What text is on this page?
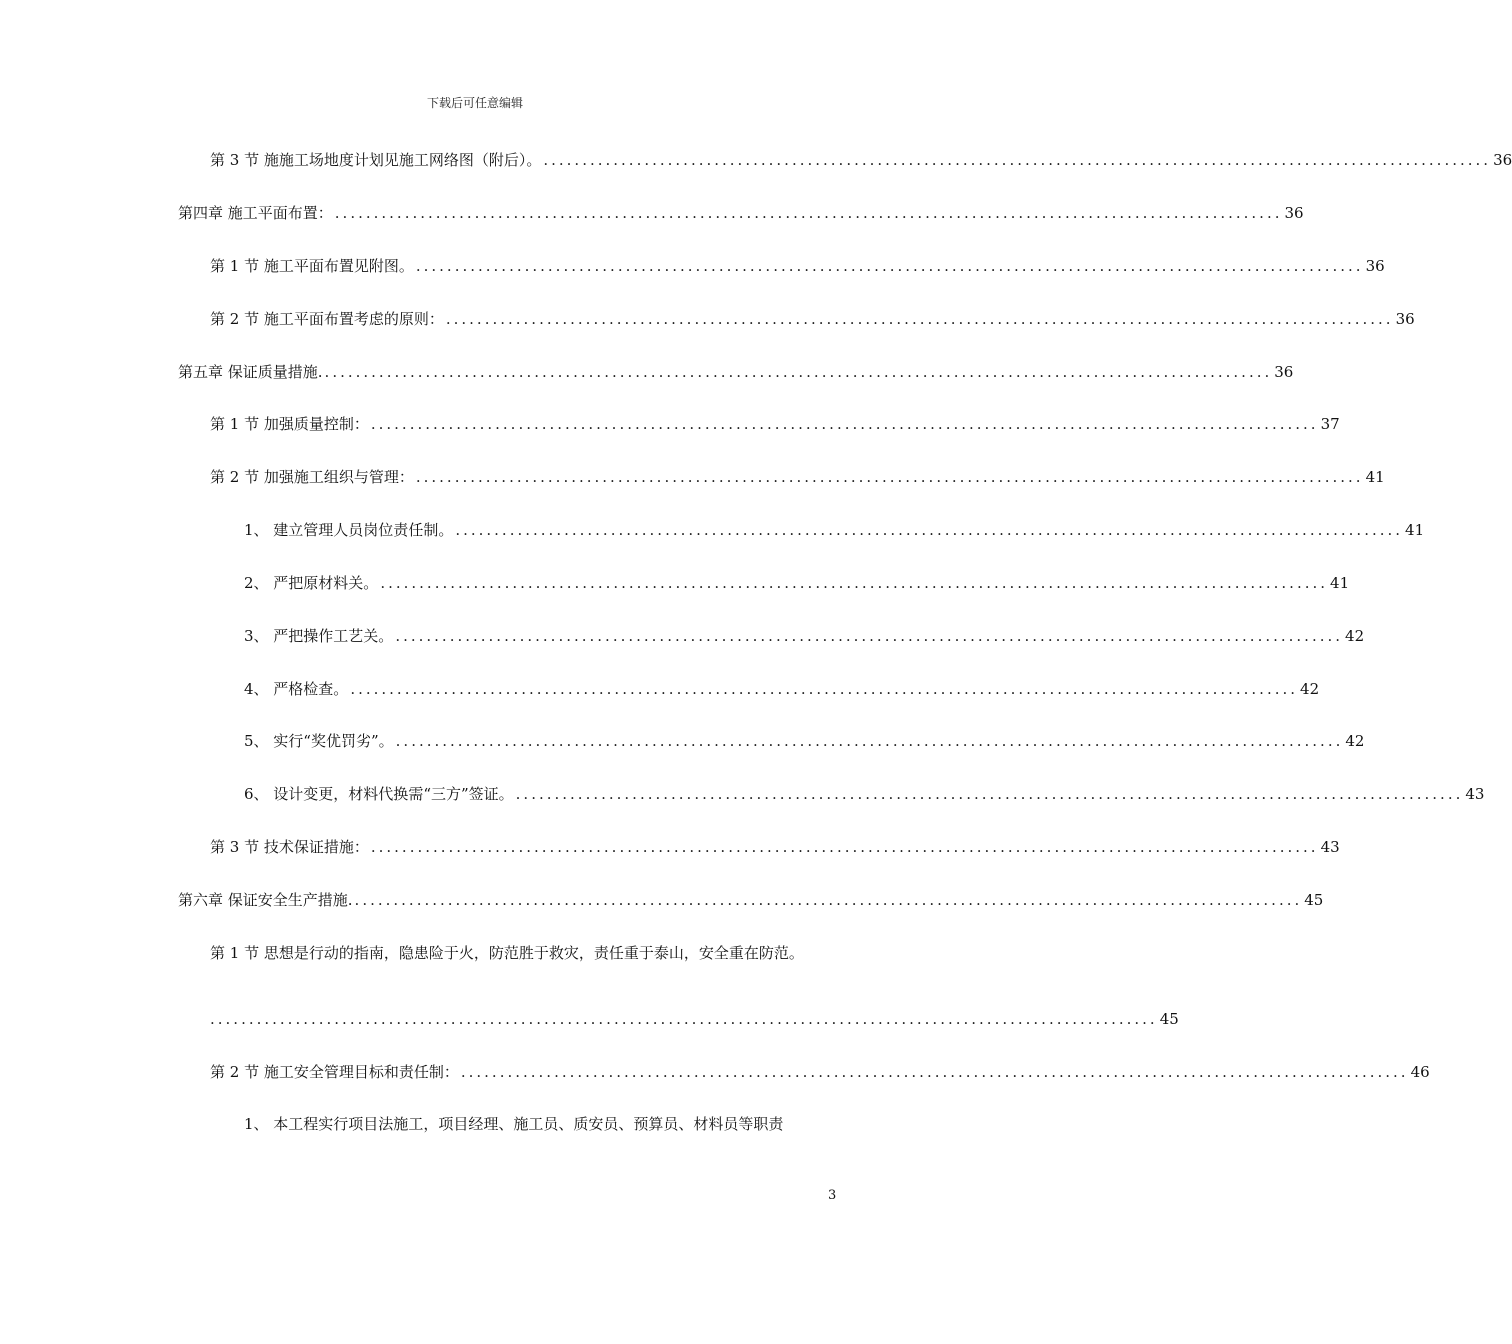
下载后可任意编辑
第 3 节 施施工场地度计划见施工网络图（附后）。 .......................................................................................................................... 36
第四章 施工平面布置： .......................................................................................................................... 36
第 1 节 施工平面布置见附图。 .......................................................................................................................... 36
第 2 节 施工平面布置考虑的原则： .......................................................................................................................... 36
第五章 保证质量措施. .......................................................................................................................... 36
第 1 节 加强质量控制： .......................................................................................................................... 37
第 2 节 加强施工组织与管理： .......................................................................................................................... 41
1、 建立管理人员岗位责任制。 .......................................................................................................................... 41
2、 严把原材料关。 .......................................................................................................................... 41
3、 严把操作工艺关。 .......................................................................................................................... 42
4、 严格检查。 .......................................................................................................................... 42
5、 实行“奖优罚劣”。 .......................................................................................................................... 42
6、 设计变更，材料代换需“三方”签证。 .......................................................................................................................... 43
第 3 节 技术保证措施： .......................................................................................................................... 43
第六章 保证安全生产措施. .......................................................................................................................... 45
第 1 节 思想是行动的指南，隐患险于火，防范胜于救灾，责任重于泰山，安全重在防范。
.......................................................................................................................... 45
第 2 节 施工安全管理目标和责任制： .......................................................................................................................... 46
1、 本工程实行项目法施工，项目经理、施工员、质安员、预算员、材料员等职责
3
